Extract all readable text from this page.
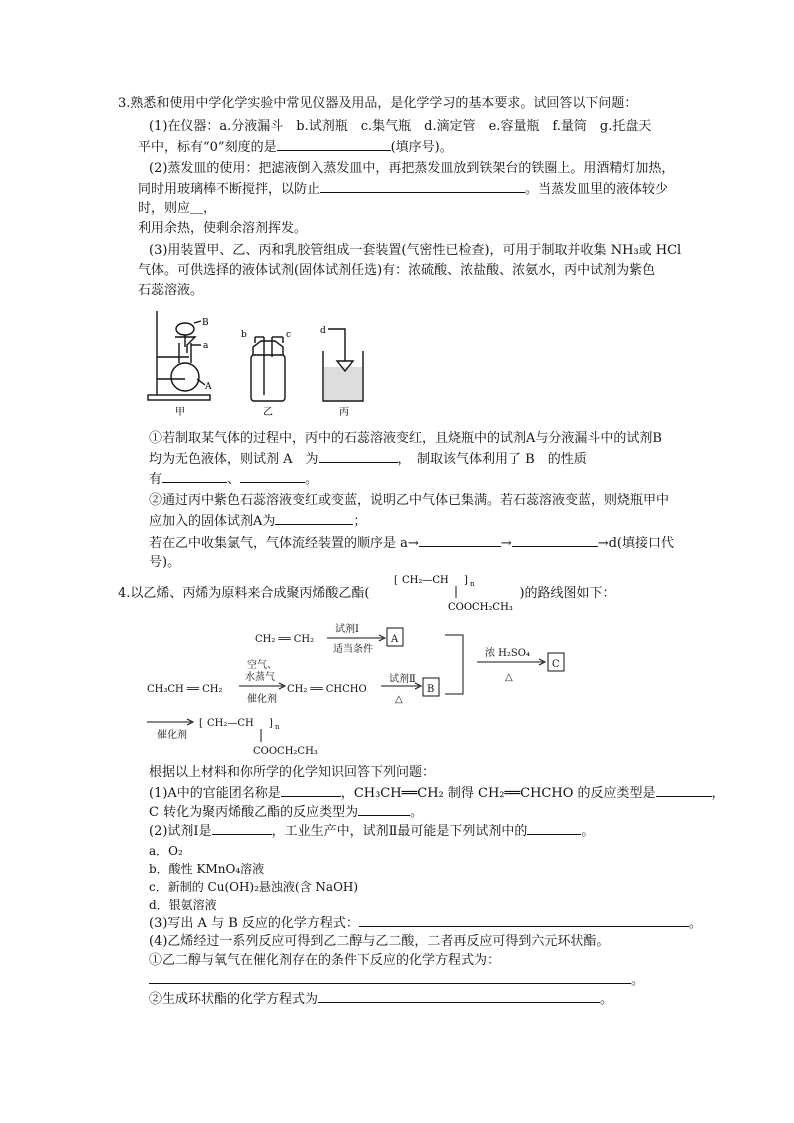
3.熟悉和使用中学化学实验中常见仪器及用品，是化学学习的基本要求。试回答以下问题：
(1)在仪器：a.分液漏斗　b.试剂瓶　c.集气瓶　d.滴定管　e.容量瓶　f.量筒　g.托盘天
平中，标有“0”刻度的是	(填序号)。
(2)蒸发皿的使用：把滤液倒入蒸发皿中，再把蒸发皿放到铁架台的铁圈上。用酒精灯加热，
同时用玻璃棒不断搅拌，以防止	。当蒸发皿里的液体较少
时，则应＿，
利用余热，使剩余溶剂挥发。
(3)用装置甲、乙、丙和乳胶管组成一套装置(气密性已检查)，可用于制取并收集 NH₃或 HCl
气体。可供选择的液体试剂(固体试剂任选)有：浓硫酸、浓盐酸、浓氨水，丙中试剂为紫色
石蕊溶液。
B
a
A
甲
b	c
乙
d
丙
①若制取某气体的过程中，丙中的石蕊溶液变红，且烧瓶中的试剂A与分液漏斗中的试剂B
均为无色液体，则试剂 A　为	，　制取该气体利用了 B　的性质
有	、	。
②通过丙中紫色石蕊溶液变红或变蓝，说明乙中气体已集满。若石蕊溶液变蓝，则烧瓶甲中
应加入的固体试剂A为	；
若在乙中收集氯气，气体流经装置的顺序是 a→	→	→d(填接口代
号)。
4.以乙烯、丙烯为原料来合成聚丙烯酸乙酯(	)的路线图如下：
[ CH₂—CH ] n
COOCH₂CH₃
CH₂ ══ CH₂
试剂Ⅰ
适当条件
A
浓 H₂SO₄
△
C
CH₃CH ══ CH₂
空气、
水蒸气
催化剂
CH₂ ══ CHCHO
试剂Ⅱ
△
B
催化剂
[ CH₂—CH ] n
COOCH₂CH₃
根据以上材料和你所学的化学知识回答下列问题：
(1)A中的官能团名称是	，CH₃CH══CH₂ 制得 CH₂══CHCHO 的反应类型是	，
C 转化为聚丙烯酸乙酯的反应类型为	。
(2)试剂Ⅰ是	，工业生产中，试剂Ⅱ最可能是下列试剂中的	。
a．O₂
b．酸性 KMnO₄溶液
c．新制的 Cu(OH)₂悬浊液(含 NaOH)
d．银氨溶液
(3)写出 A 与 B 反应的化学方程式：	。
(4)乙烯经过一系列反应可得到乙二醇与乙二酸，二者再反应可得到六元环状酯。
①乙二醇与氧气在催化剂存在的条件下反应的化学方程式为：
。
②生成环状酯的化学方程式为	。
